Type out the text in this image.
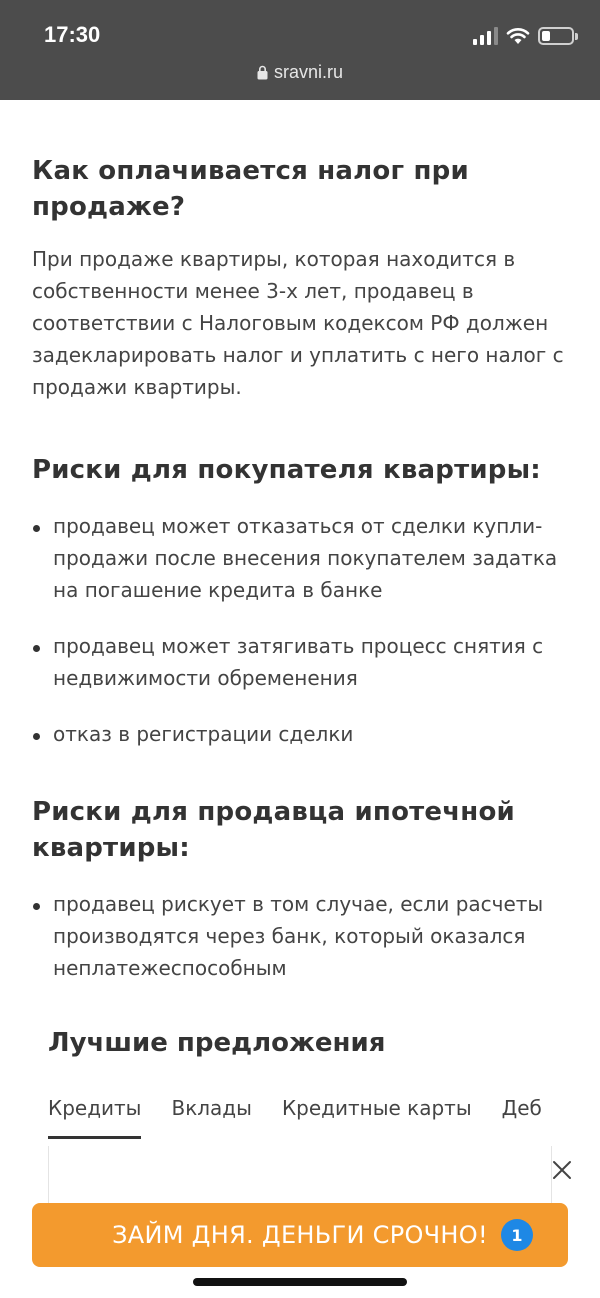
17:30
sravni.ru
Как оплачивается налог при продаже?

При продаже квартиры, которая находится в собственности менее 3-х лет, продавец в соответствии с Налоговым кодексом РФ должен задекларировать налог и уплатить с него налог с продажи квартиры.

Риски для покупателя квартиры:
продавец может отказаться от сделки купли-продажи после внесения покупателем задатка на погашение кредита в банке
продавец может затягивать процесс снятия с недвижимости обременения
отказ в регистрации сделки
Риски для продавца ипотечной квартиры:
продавец рискует в том случае, если расчеты производятся через банк, который оказался неплатежеспособным
Лучшие предложения
Кредиты Вклады Кредитные карты Деб
ЗАЙМ ДНЯ. ДЕНЬГИ СРОЧНО!	1
